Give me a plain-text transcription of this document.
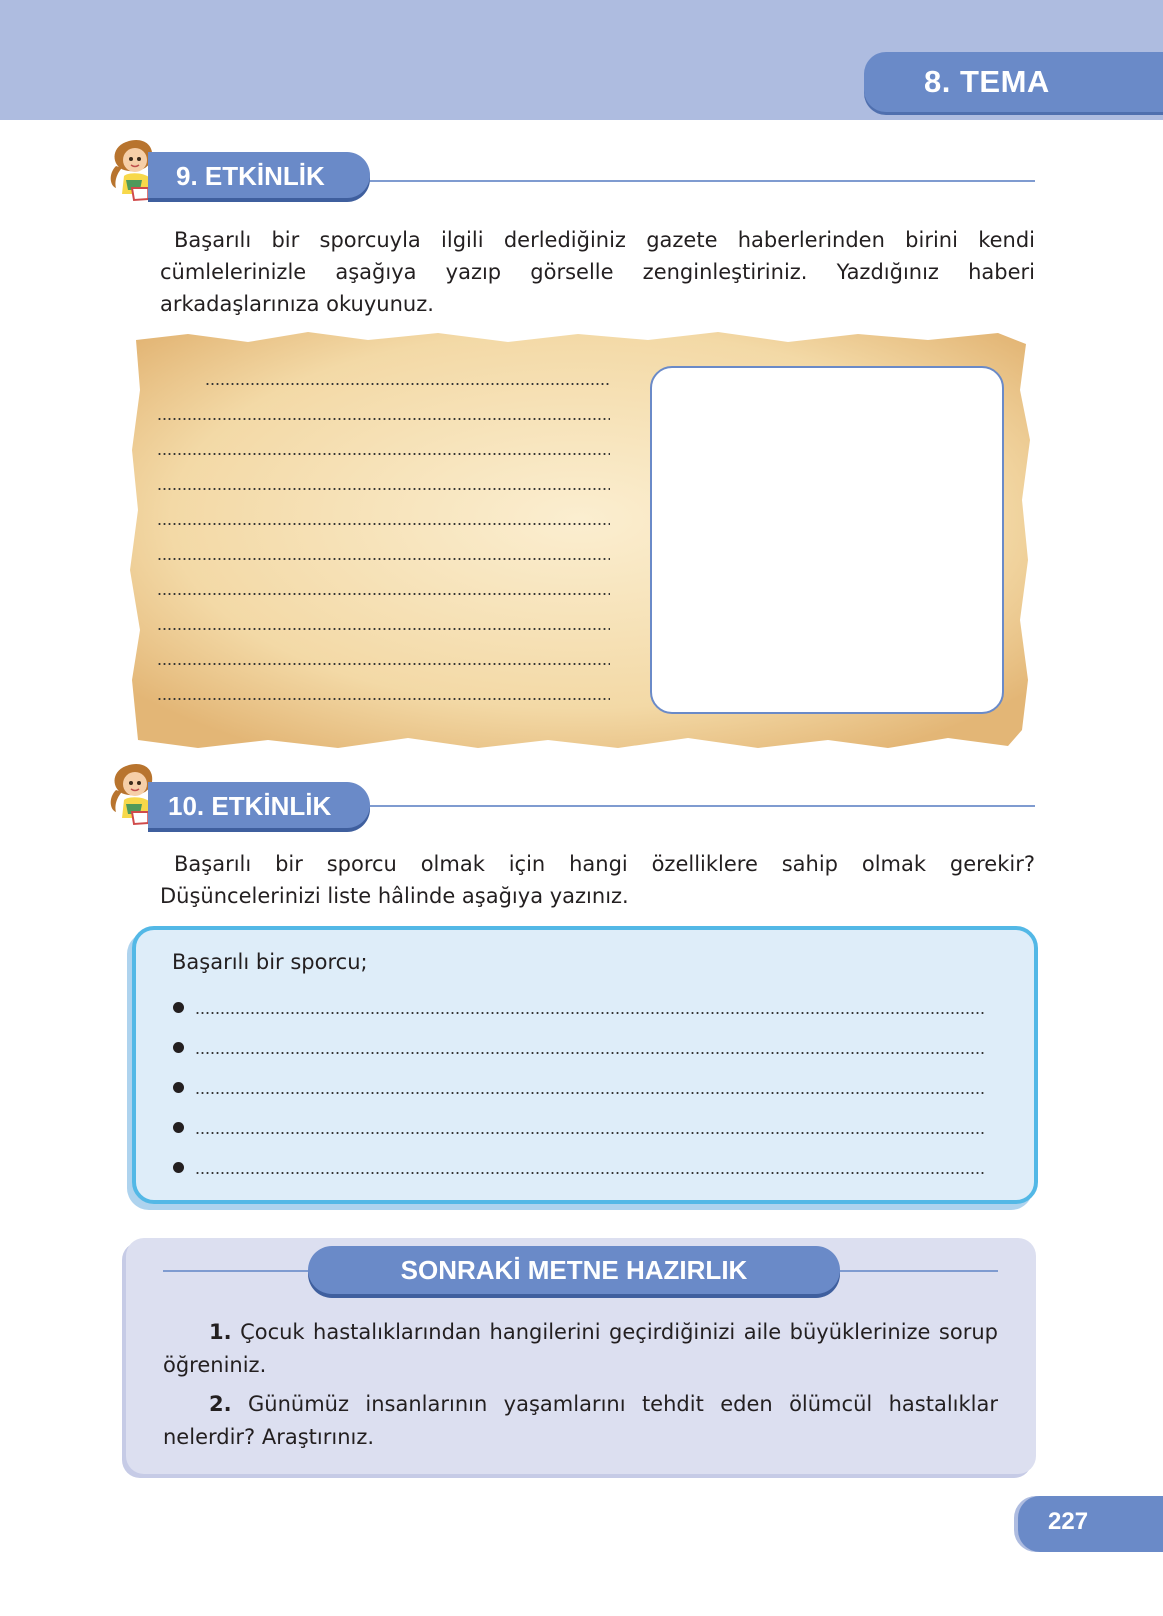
8. TEMA
9. ETKİNLİK

Başarılı bir sporcuyla ilgili derlediğiniz gazete haberlerinden birini kendi cümlelerinizle aşağıya yazıp görselle zenginleştiriniz. Yazdığınız haberi arkadaşlarınıza okuyunuz.

10. ETKİNLİK

Başarılı bir sporcu olmak için hangi özelliklere sahip olmak gerekir? Düşüncelerinizi liste hâlinde aşağıya yazınız.

Başarılı bir sporcu;

SONRAKİ METNE HAZIRLIK

1. Çocuk hastalıklarından hangilerini geçirdiğinizi aile büyüklerinize sorup öğreniniz.

2. Günümüz insanlarının yaşamlarını tehdit eden ölümcül hastalıklar nelerdir? Araştırınız.

227
